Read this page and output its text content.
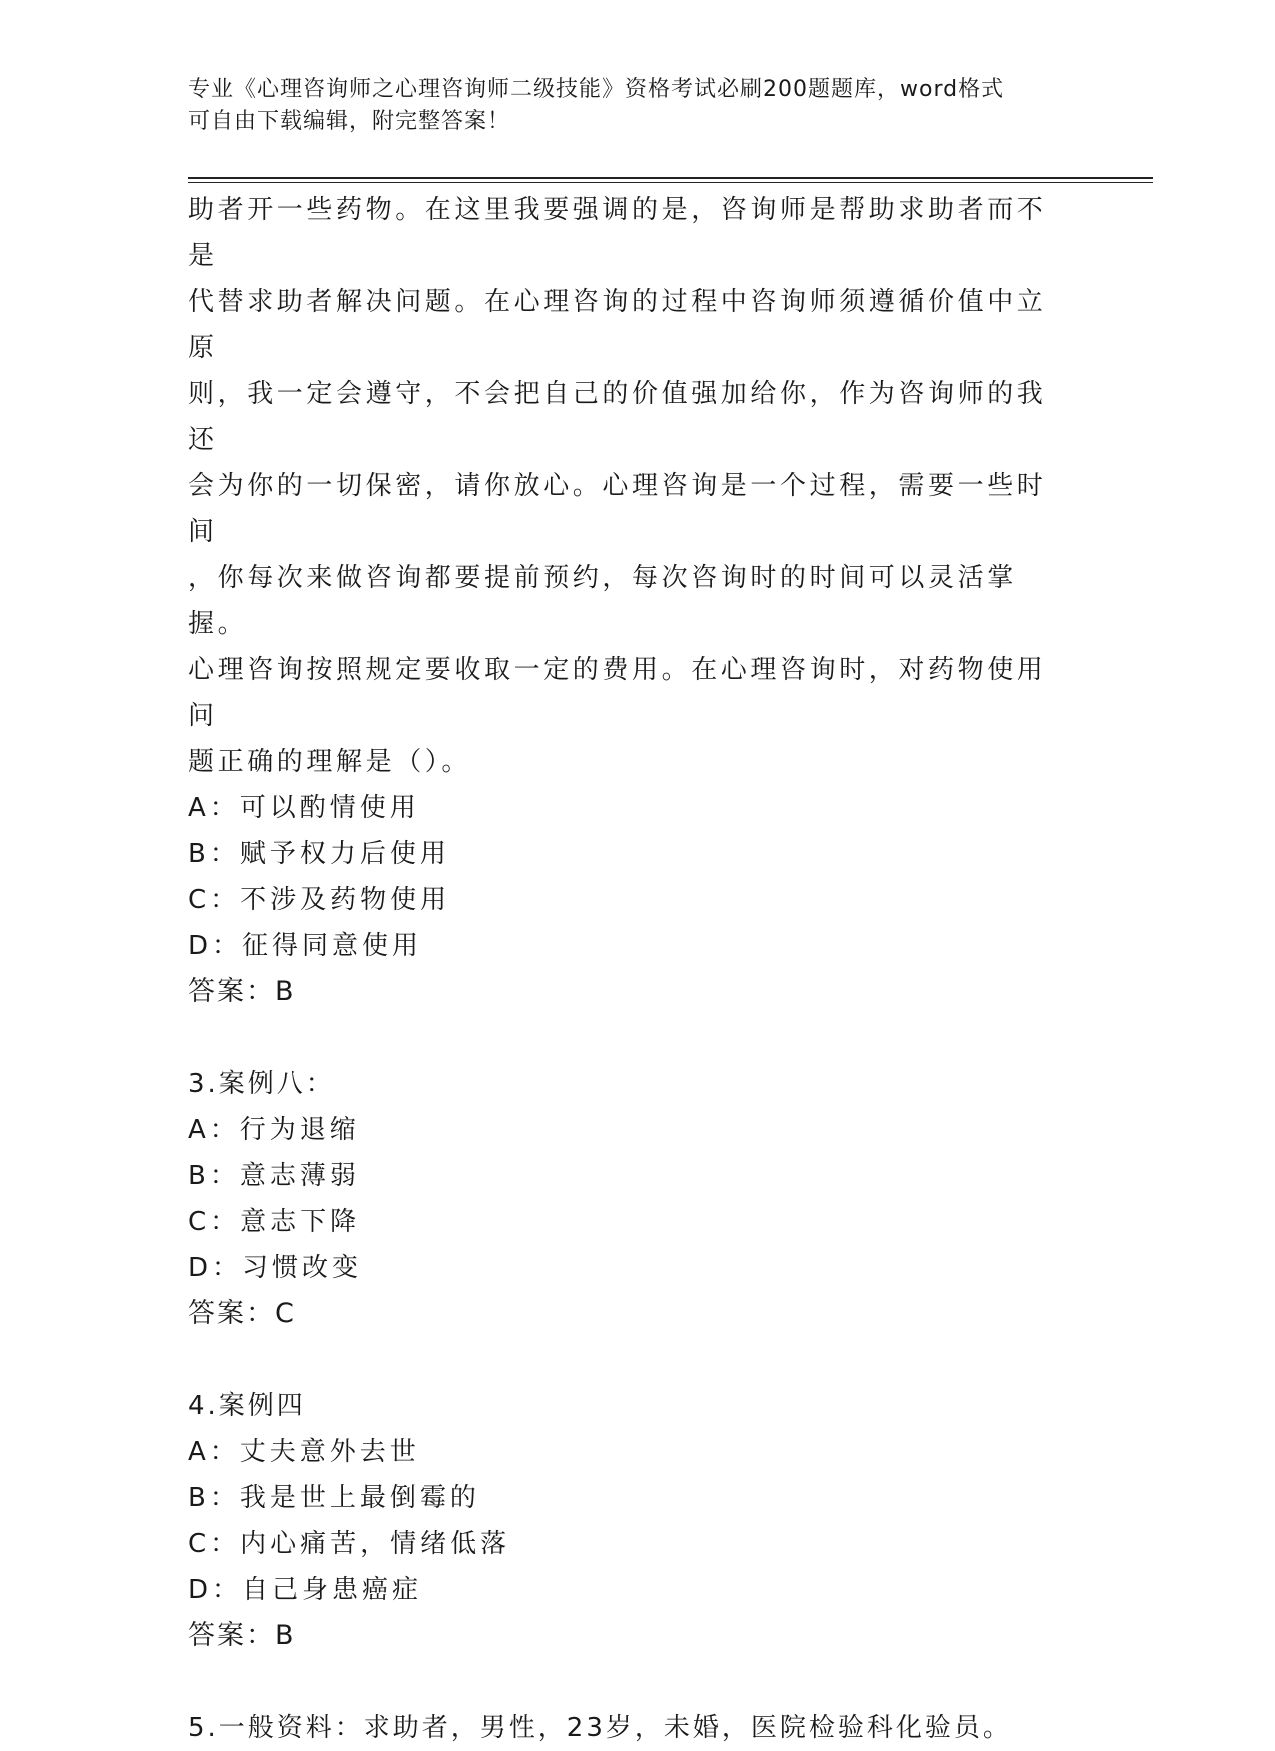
专业《心理咨询师之心理咨询师二级技能》资格考试必刷200题题库，word格式
可自由下载编辑，附完整答案！

助者开一些药物。在这里我要强调的是，咨询师是帮助求助者而不是

代替求助者解决问题。在心理咨询的过程中咨询师须遵循价值中立原

则，我一定会遵守，不会把自己的价值强加给你，作为咨询师的我还

会为你的一切保密，请你放心。心理咨询是一个过程，需要一些时间

，你每次来做咨询都要提前预约，每次咨询时的时间可以灵活掌握。

心理咨询按照规定要收取一定的费用。在心理咨询时，对药物使用问

题正确的理解是（）。

A：可以酌情使用

B：赋予权力后使用

C：不涉及药物使用

D：征得同意使用

答案：B

3.案例八：

A：行为退缩

B：意志薄弱

C：意志下降

D：习惯改变

答案：C

4.案例四

A：丈夫意外去世

B：我是世上最倒霉的

C：内心痛苦，情绪低落

D：自己身患癌症

答案：B

5.一般资料：求助者，男性，23岁，未婚，医院检验科化验员。
